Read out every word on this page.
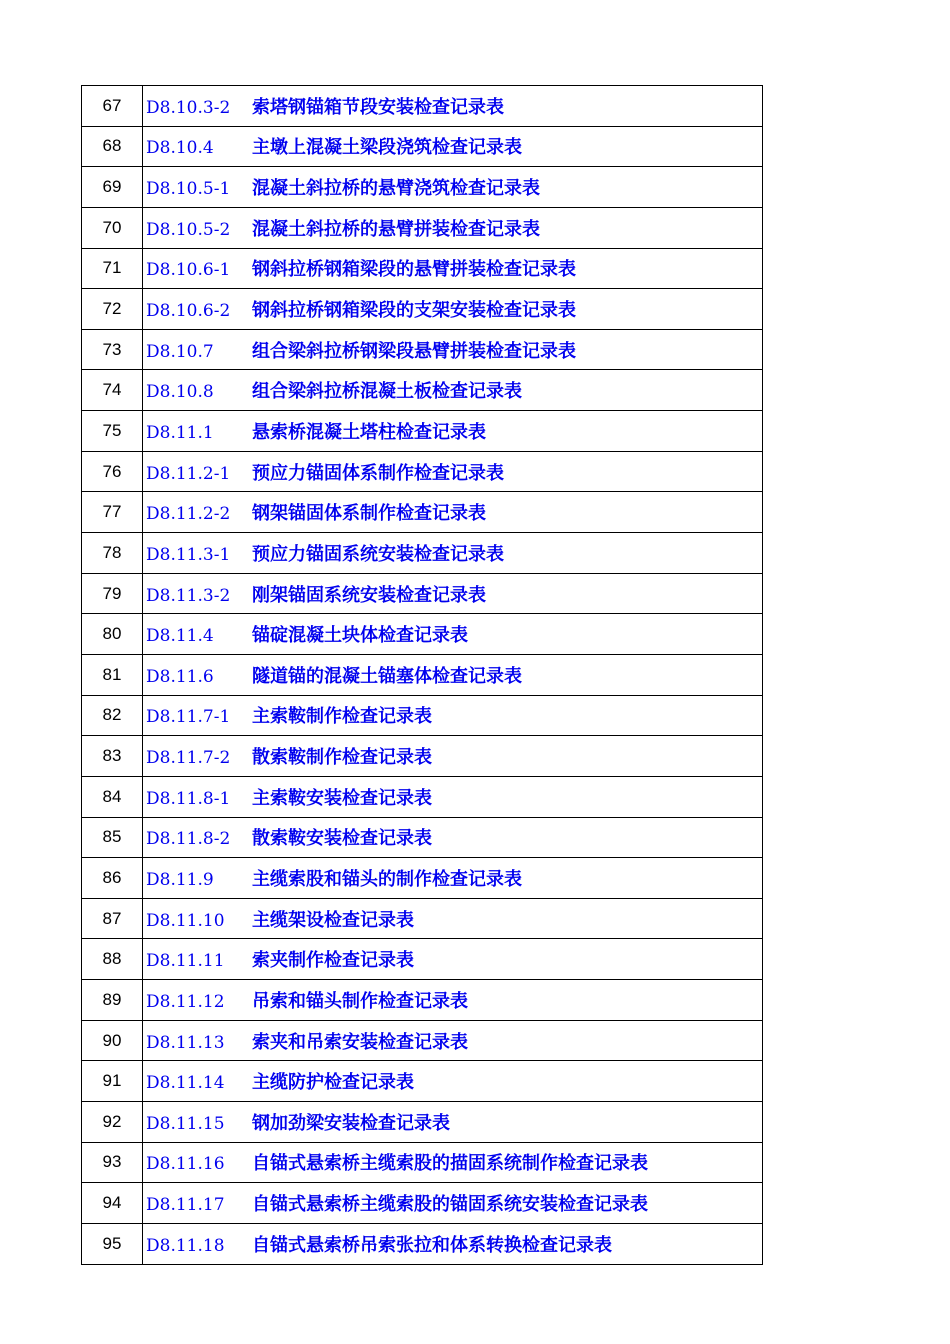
67	D8.10.3-2 索塔钢锚箱节段安装检查记录表
68	D8.10.4 主墩上混凝土梁段浇筑检查记录表
69	D8.10.5-1 混凝土斜拉桥的悬臂浇筑检查记录表
70	D8.10.5-2 混凝土斜拉桥的悬臂拼装检查记录表
71	D8.10.6-1 钢斜拉桥钢箱梁段的悬臂拼装检查记录表
72	D8.10.6-2 钢斜拉桥钢箱梁段的支架安装检查记录表
73	D8.10.7 组合梁斜拉桥钢梁段悬臂拼装检查记录表
74	D8.10.8 组合梁斜拉桥混凝土板检查记录表
75	D8.11.1 悬索桥混凝土塔柱检查记录表
76	D8.11.2-1 预应力锚固体系制作检查记录表
77	D8.11.2-2 钢架锚固体系制作检查记录表
78	D8.11.3-1 预应力锚固系统安装检查记录表
79	D8.11.3-2 刚架锚固系统安装检查记录表
80	D8.11.4 锚碇混凝土块体检查记录表
81	D8.11.6 隧道锚的混凝土锚塞体检查记录表
82	D8.11.7-1 主索鞍制作检查记录表
83	D8.11.7-2 散索鞍制作检查记录表
84	D8.11.8-1 主索鞍安装检查记录表
85	D8.11.8-2 散索鞍安装检查记录表
86	D8.11.9 主缆索股和锚头的制作检查记录表
87	D8.11.10 主缆架设检查记录表
88	D8.11.11 索夹制作检查记录表
89	D8.11.12 吊索和锚头制作检查记录表
90	D8.11.13 索夹和吊索安装检查记录表
91	D8.11.14 主缆防护检查记录表
92	D8.11.15 钢加劲梁安装检查记录表
93	D8.11.16 自锚式悬索桥主缆索股的描固系统制作检查记录表
94	D8.11.17 自锚式悬索桥主缆索股的锚固系统安装检查记录表
95	D8.11.18 自锚式悬索桥吊索张拉和体系转换检查记录表
